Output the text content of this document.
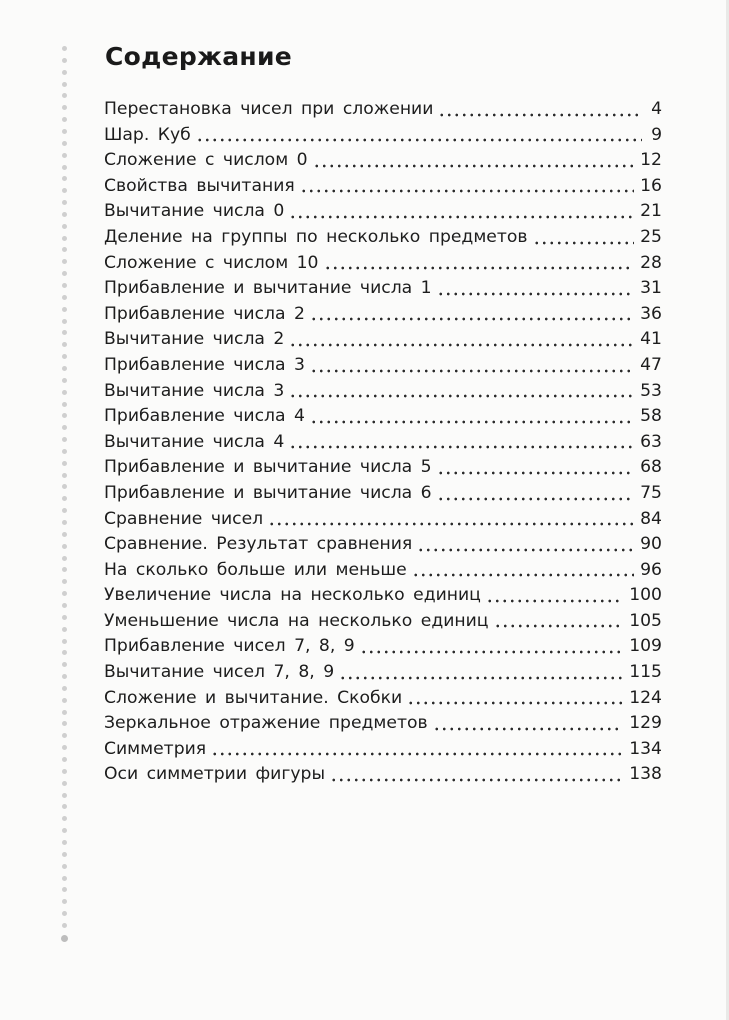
Содержание
Перестановка чисел при сложении	4
Шар. Куб	9
Сложение с числом 0	12
Свойства вычитания	16
Вычитание числа 0	21
Деление на группы по несколько предметов	25
Сложение с числом 10	28
Прибавление и вычитание числа 1	31
Прибавление числа 2	36
Вычитание числа 2	41
Прибавление числа 3	47
Вычитание числа 3	53
Прибавление числа 4	58
Вычитание числа 4	63
Прибавление и вычитание числа 5	68
Прибавление и вычитание числа 6	75
Сравнение чисел	84
Сравнение. Результат сравнения	90
На сколько больше или меньше	96
Увеличение числа на несколько единиц	100
Уменьшение числа на несколько единиц	105
Прибавление чисел 7, 8, 9	109
Вычитание чисел 7, 8, 9	115
Сложение и вычитание. Скобки	124
Зеркальное отражение предметов	129
Симметрия	134
Оси симметрии фигуры	138
